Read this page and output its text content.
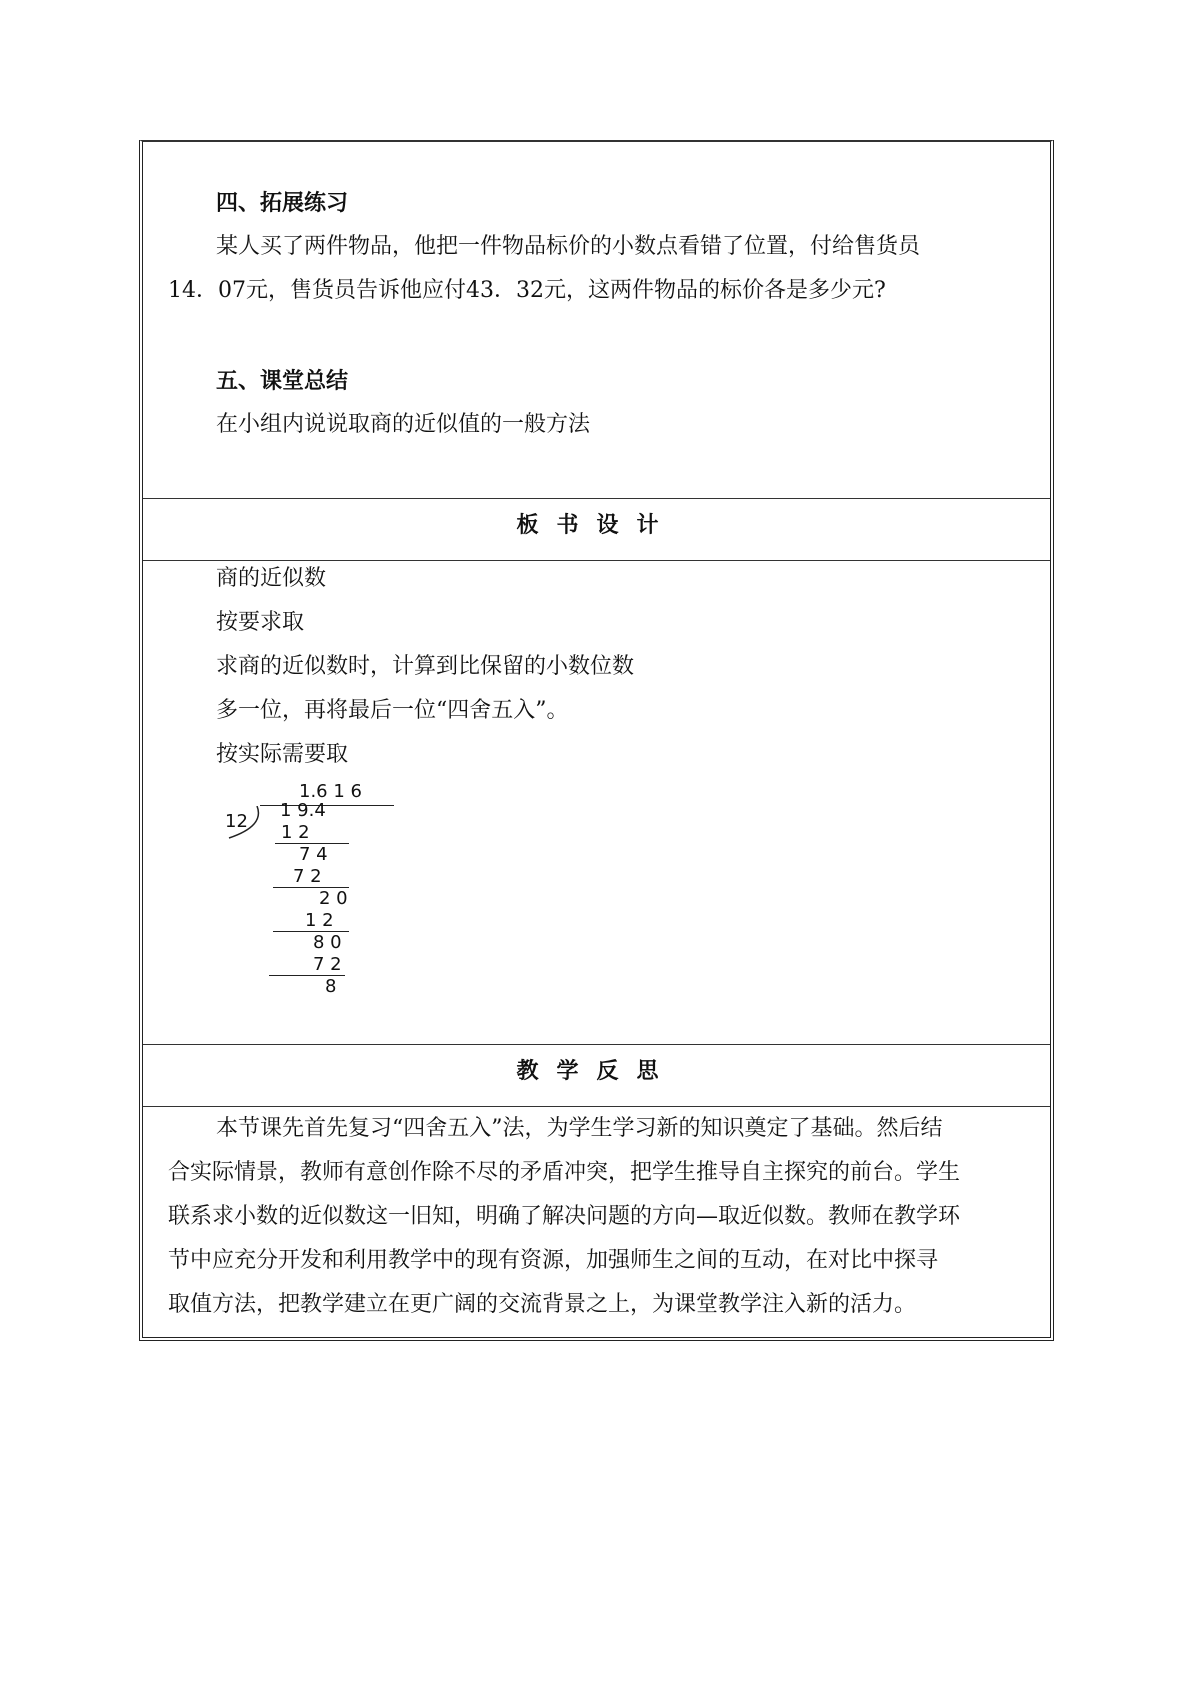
四、拓展练习
某人买了两件物品，他把一件物品标价的小数点看错了位置，付给售货员
14．07元，售货员告诉他应付43．32元，这两件物品的标价各是多少元?
五、课堂总结
在小组内说说取商的近似值的一般方法
板书设计
商的近似数
按要求取
求商的近似数时，计算到比保留的小数位数
多一位，再将最后一位“四舍五入”。
按实际需要取
1.6 1 6
12
1 9.4
1 2
7 4
7 2
2 0
1 2
8 0
7 2
8
教学反思
本节课先首先复习“四舍五入”法，为学生学习新的知识奠定了基础。然后结
合实际情景，教师有意创作除不尽的矛盾冲突，把学生推导自主探究的前台。学生
联系求小数的近似数这一旧知，明确了解决问题的方向—取近似数。教师在教学环
节中应充分开发和利用教学中的现有资源，加强师生之间的互动，在对比中探寻
取值方法，把教学建立在更广阔的交流背景之上，为课堂教学注入新的活力。
